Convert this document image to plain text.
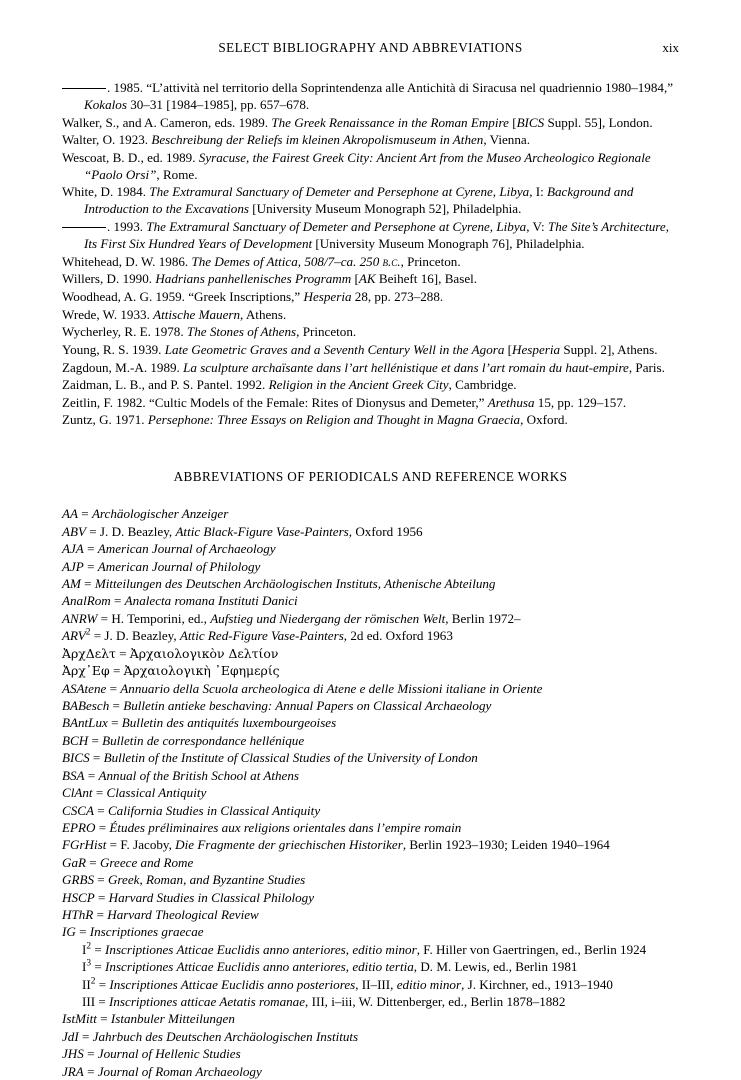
SELECT BIBLIOGRAPHY AND ABBREVIATIONS	xix
. 1985. “L’attività nel territorio della Soprintendenza alle Antichità di Siracusa nel quadriennio 1980–1984,” Kokalos 30–31 [1984–1985], pp. 657–678.
Walker, S., and A. Cameron, eds. 1989. The Greek Renaissance in the Roman Empire [BICS Suppl. 55], London.
Walter, O. 1923. Beschreibung der Reliefs im kleinen Akropolismuseum in Athen, Vienna.
Wescoat, B. D., ed. 1989. Syracuse, the Fairest Greek City: Ancient Art from the Museo Archeologico Regionale “Paolo Orsi”, Rome.
White, D. 1984. The Extramural Sanctuary of Demeter and Persephone at Cyrene, Libya, I: Background and Introduction to the Excavations [University Museum Monograph 52], Philadelphia.
. 1993. The Extramural Sanctuary of Demeter and Persephone at Cyrene, Libya, V: The Site’s Architecture, Its First Six Hundred Years of Development [University Museum Monograph 76], Philadelphia.
Whitehead, D. W. 1986. The Demes of Attica, 508/7–ca. 250 b.c., Princeton.
Willers, D. 1990. Hadrians panhellenisches Programm [AK Beiheft 16], Basel.
Woodhead, A. G. 1959. “Greek Inscriptions,” Hesperia 28, pp. 273–288.
Wrede, W. 1933. Attische Mauern, Athens.
Wycherley, R. E. 1978. The Stones of Athens, Princeton.
Young, R. S. 1939. Late Geometric Graves and a Seventh Century Well in the Agora [Hesperia Suppl. 2], Athens.
Zagdoun, M.-A. 1989. La sculpture archaïsante dans l’art hellénistique et dans l’art romain du haut-empire, Paris.
Zaidman, L. B., and P. S. Pantel. 1992. Religion in the Ancient Greek City, Cambridge.
Zeitlin, F. 1982. “Cultic Models of the Female: Rites of Dionysus and Demeter,” Arethusa 15, pp. 129–157.
Zuntz, G. 1971. Persephone: Three Essays on Religion and Thought in Magna Graecia, Oxford.
ABBREVIATIONS OF PERIODICALS AND REFERENCE WORKS
AA = Archäologischer Anzeiger
ABV = J. D. Beazley, Attic Black-Figure Vase-Painters, Oxford 1956
AJA = American Journal of Archaeology
AJP = American Journal of Philology
AM = Mitteilungen des Deutschen Archäologischen Instituts, Athenische Abteilung
AnalRom = Analecta romana Instituti Danici
ANRW = H. Temporini, ed., Aufstieg und Niedergang der römischen Welt, Berlin 1972–
$ARV^2 = J$. D. Beazley, Attic Red-Figure Vase-Painters, 2d ed. Oxford 1963
ἈρχΔελτ = Ἀρχαιολογικὸν Δελτίον
Ἀρχ᾽Εφ = Ἀρχαιολογικὴ ᾽Εφημερίς
ASAtene = Annuario della Scuola archeologica di Atene e delle Missioni italiane in Oriente
BABesch = Bulletin antieke beschaving: Annual Papers on Classical Archaeology
BAntLux = Bulletin des antiquités luxembourgeoises
BCH = Bulletin de correspondance hellénique
BICS = Bulletin of the Institute of Classical Studies of the University of London
BSA = Annual of the British School at Athens
ClAnt = Classical Antiquity
CSCA = California Studies in Classical Antiquity
EPRO = Études préliminaires aux religions orientales dans l’empire romain
FGrHist = F. Jacoby, Die Fragmente der griechischen Historiker, Berlin 1923–1930; Leiden 1940–1964
GaR = Greece and Rome
GRBS = Greek, Roman, and Byzantine Studies
HSCP = Harvard Studies in Classical Philology
HThR = Harvard Theological Review
IG = Inscriptiones graecae
$I^2$ = Inscriptiones Atticae Euclidis anno anteriores, editio minor, F. Hiller von Gaertringen, ed., Berlin 1924
$I^3$ = Inscriptiones Atticae Euclidis anno anteriores, editio tertia, D. M. Lewis, ed., Berlin 1981
$II^2$ = Inscriptiones Atticae Euclidis anno posteriores, II–III, editio minor, J. Kirchner, ed., 1913–1940
III = Inscriptiones atticae Aetatis romanae, III, i–iii, W. Dittenberger, ed., Berlin 1878–1882
IstMitt = Istanbuler Mitteilungen
JdI = Jahrbuch des Deutschen Archäologischen Instituts
JHS = Journal of Hellenic Studies
JRA = Journal of Roman Archaeology
